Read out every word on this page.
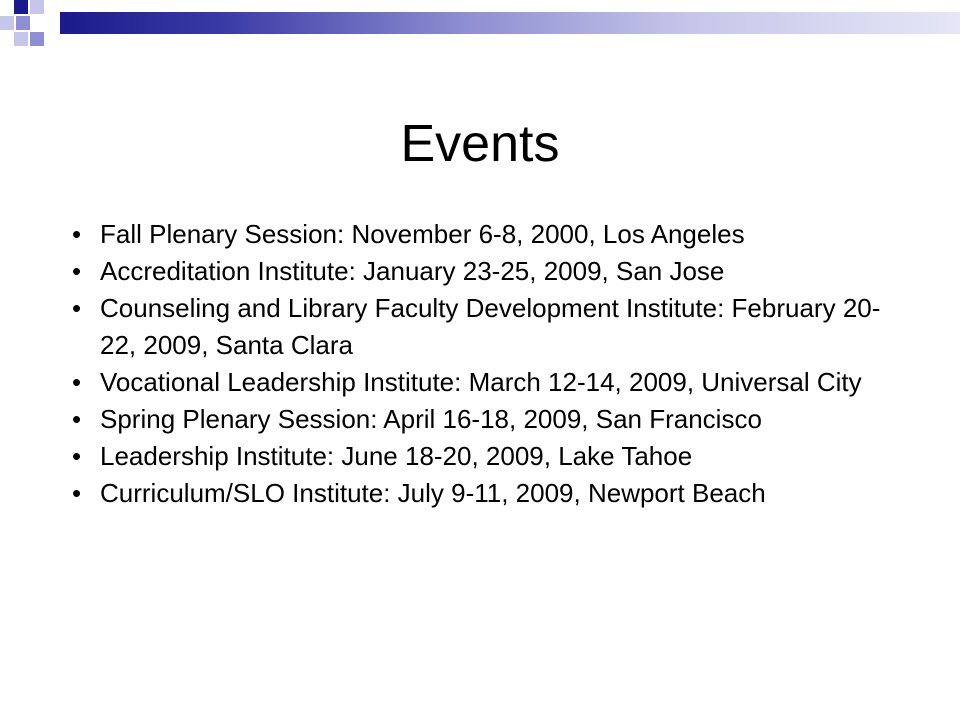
Events
• Fall Plenary Session: November 6-8, 2000, Los Angeles
• Accreditation Institute: January 23-25, 2009, San Jose
• Counseling and Library Faculty Development Institute: February 20-22, 2009, Santa Clara
• Vocational Leadership Institute: March 12-14, 2009, Universal City
• Spring Plenary Session: April 16-18, 2009, San Francisco
• Leadership Institute: June 18-20, 2009, Lake Tahoe
• Curriculum/SLO Institute: July 9-11, 2009, Newport Beach
